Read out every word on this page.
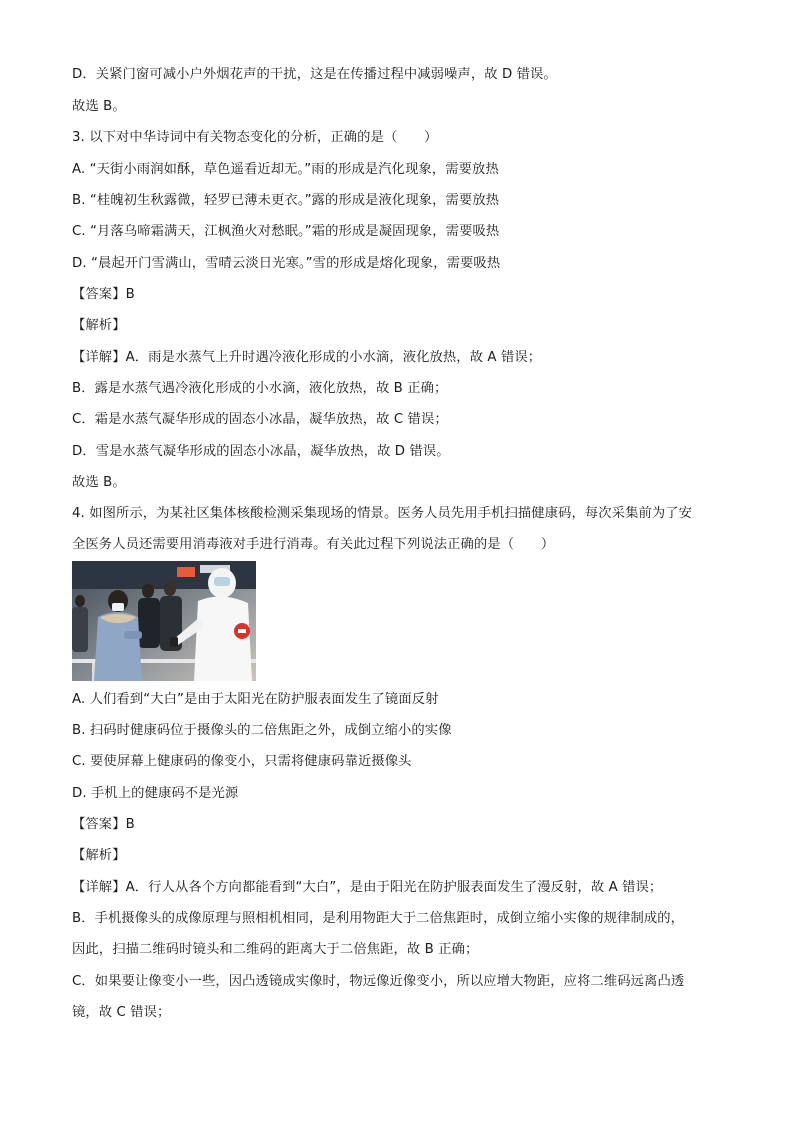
D．关紧门窗可减小户外烟花声的干扰，这是在传播过程中减弱噪声，故 D 错误。
故选 B。
3. 以下对中华诗词中有关物态变化的分析，正确的是（　　）
A. “天街小雨润如酥，草色遥看近却无。”雨的形成是汽化现象，需要放热
B. “桂魄初生秋露微，轻罗已薄未更衣。”露的形成是液化现象，需要放热
C. “月落乌啼霜满天，江枫渔火对愁眠。”霜的形成是凝固现象，需要吸热
D. “晨起开门雪满山，雪晴云淡日光寒。”雪的形成是熔化现象，需要吸热
【答案】B
【解析】
【详解】A．雨是水蒸气上升时遇冷液化形成的小水滴，液化放热，故 A 错误；
B．露是水蒸气遇冷液化形成的小水滴，液化放热，故 B 正确；
C．霜是水蒸气凝华形成的固态小冰晶，凝华放热，故 C 错误；
D．雪是水蒸气凝华形成的固态小冰晶，凝华放热，故 D 错误。
故选 B。
4. 如图所示，为某社区集体核酸检测采集现场的情景。医务人员先用手机扫描健康码，每次采集前为了安
全医务人员还需要用消毒液对手进行消毒。有关此过程下列说法正确的是（　　）
A. 人们看到“大白”是由于太阳光在防护服表面发生了镜面反射
B. 扫码时健康码位于摄像头的二倍焦距之外，成倒立缩小的实像
C. 要使屏幕上健康码的像变小，只需将健康码靠近摄像头
D. 手机上的健康码不是光源
【答案】B
【解析】
【详解】A．行人从各个方向都能看到“大白”，是由于阳光在防护服表面发生了漫反射，故 A 错误；
B．手机摄像头的成像原理与照相机相同，是利用物距大于二倍焦距时，成倒立缩小实像的规律制成的，
因此，扫描二维码时镜头和二维码的距离大于二倍焦距，故 B 正确；
C．如果要让像变小一些，因凸透镜成实像时，物远像近像变小，所以应增大物距，应将二维码远离凸透
镜，故 C 错误；
